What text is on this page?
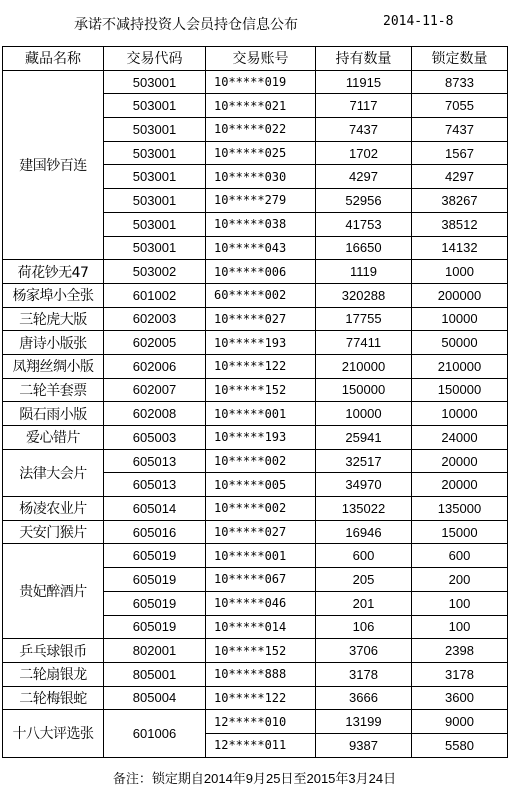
承诺不减持投资人会员持仓信息公布	2014-11-8
藏品名称	交易代码	交易账号	持有数量	锁定数量
建国钞百连	503001	10*****019	11915	8733
	503001	10*****021	7117	7055
	503001	10*****022	7437	7437
	503001	10*****025	1702	1567
	503001	10*****030	4297	4297
	503001	10*****279	52956	38267
	503001	10*****038	41753	38512
	503001	10*****043	16650	14132
荷花钞无47	503002	10*****006	1119	1000
杨家埠小全张	601002	60*****002	320288	200000
三轮虎大版	602003	10*****027	17755	10000
唐诗小版张	602005	10*****193	77411	50000
凤翔丝绸小版	602006	10*****122	210000	210000
二轮羊套票	602007	10*****152	150000	150000
陨石雨小版	602008	10*****001	10000	10000
爱心错片	605003	10*****193	25941	24000
法律大会片	605013	10*****002	32517	20000
	605013	10*****005	34970	20000
杨凌农业片	605014	10*****002	135022	135000
天安门猴片	605016	10*****027	16946	15000
贵妃醉酒片	605019	10*****001	600	600
	605019	10*****067	205	200
	605019	10*****046	201	100
	605019	10*****014	106	100
乒乓球银币	802001	10*****152	3706	2398
二轮扇银龙	805001	10*****888	3178	3178
二轮梅银蛇	805004	10*****122	3666	3600
十八大评选张	601006	12*****010	13199	9000
		12*****011	9387	5580
备注：锁定期自2014年9月25日至2015年3月24日
